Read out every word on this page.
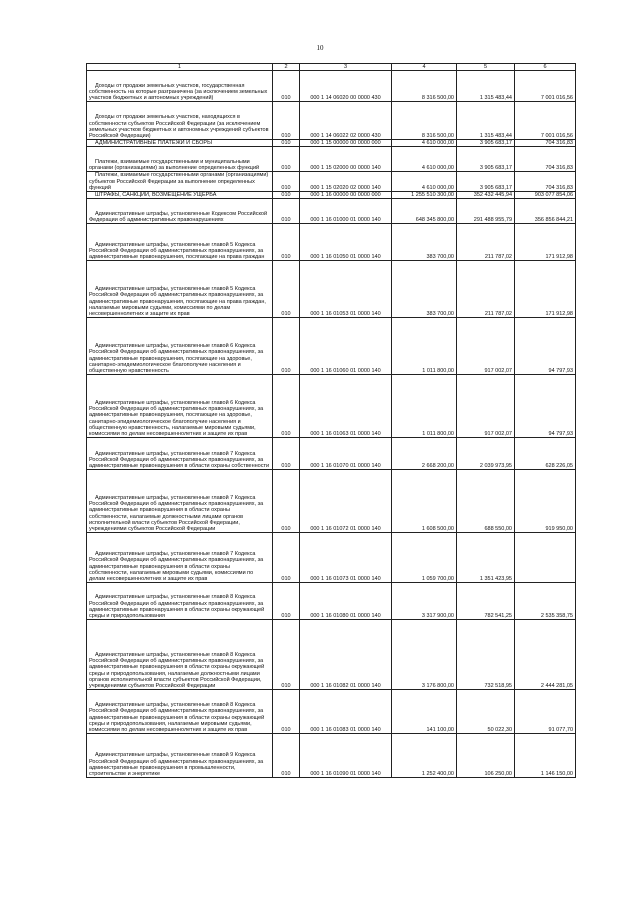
10
1	2	3	4	5	6
Доходы от продажи земельных участков, государственная собственность на которые разграничена (за исключением земельных участков бюджетных и автономных учреждений)	010	000 1 14 06020 00 0000 430	8 316 500,00	1 315 483,44	7 001 016,56
Доходы от продажи земельных участков, находящихся в собственности субъектов Российской Федерации (за исключением земельных участков бюджетных и автономных учреждений субъектов Российской Федерации)	010	000 1 14 06022 02 0000 430	8 316 500,00	1 315 483,44	7 001 016,56
АДМИНИСТРАТИВНЫЕ ПЛАТЕЖИ И СБОРЫ	010	000 1 15 00000 00 0000 000	4 610 000,00	3 905 683,17	704 316,83
Платежи, взимаемые государственными и муниципальными органами (организациями) за выполнение определенных функций	010	000 1 15 02000 00 0000 140	4 610 000,00	3 905 683,17	704 316,83
Платежи, взимаемые государственными органами (организациями) субъектов Российской Федерации за выполнение определенных функций	010	000 1 15 02020 02 0000 140	4 610 000,00	3 905 683,17	704 316,83
ШТРАФЫ, САНКЦИИ, ВОЗМЕЩЕНИЕ УЩЕРБА	010	000 1 16 00000 00 0000 000	1 255 510 300,00	352 432 445,94	903 077 854,06
Административные штрафы, установленные Кодексом Российской Федерации об административных правонарушениях	010	000 1 16 01000 01 0000 140	648 345 800,00	291 488 955,79	356 856 844,21
Административные штрафы, установленные главой 5 Кодекса Российской Федерации об административных правонарушениях, за административные правонарушения, посягающие на права граждан	010	000 1 16 01050 01 0000 140	383 700,00	211 787,02	171 912,98
Административные штрафы, установленные главой 5 Кодекса Российской Федерации об административных правонарушениях, за административные правонарушения, посягающие на права граждан, налагаемые мировыми судьями, комиссиями по делам несовершеннолетних и защите их прав	010	000 1 16 01053 01 0000 140	383 700,00	211 787,02	171 912,98
Административные штрафы, установленные главой 6 Кодекса Российской Федерации об административных правонарушениях, за административные правонарушения, посягающие на здоровье, санитарно-эпидемиологическое благополучие населения и общественную нравственность	010	000 1 16 01060 01 0000 140	1 011 800,00	917 002,07	94 797,93
Административные штрафы, установленные главой 6 Кодекса Российской Федерации об административных правонарушениях, за административные правонарушения, посягающие на здоровье, санитарно-эпидемиологическое благополучие населения и общественную нравственность, налагаемые мировыми судьями, комиссиями по делам несовершеннолетних и защите их прав	010	000 1 16 01063 01 0000 140	1 011 800,00	917 002,07	94 797,93
Административные штрафы, установленные главой 7 Кодекса Российской Федерации об административных правонарушениях, за административные правонарушения в области охраны собственности	010	000 1 16 01070 01 0000 140	2 668 200,00	2 039 973,95	628 226,05
Административные штрафы, установленные главой 7 Кодекса Российской Федерации об административных правонарушениях, за административные правонарушения в области охраны собственности, налагаемые должностными лицами органов исполнительной власти субъектов Российской Федерации, учреждениями субъектов Российской Федерации	010	000 1 16 01072 01 0000 140	1 608 500,00	688 550,00	919 950,00
Административные штрафы, установленные главой 7 Кодекса Российской Федерации об административных правонарушениях, за административные правонарушения в области охраны собственности, налагаемые мировыми судьями, комиссиями по делам несовершеннолетних и защите их прав	010	000 1 16 01073 01 0000 140	1 059 700,00	1 351 423,95	
Административные штрафы, установленные главой 8 Кодекса Российской Федерации об административных правонарушениях, за административные правонарушения в области охраны окружающей среды и природопользования	010	000 1 16 01080 01 0000 140	3 317 900,00	782 541,25	2 535 358,75
Административные штрафы, установленные главой 8 Кодекса Российской Федерации об административных правонарушениях, за административные правонарушения в области охраны окружающей среды и природопользования, налагаемые должностными лицами органов исполнительной власти субъектов Российской Федерации, учреждениями субъектов Российской Федерации	010	000 1 16 01082 01 0000 140	3 176 800,00	732 518,95	2 444 281,05
Административные штрафы, установленные главой 8 Кодекса Российской Федерации об административных правонарушениях, за административные правонарушения в области охраны окружающей среды и природопользования, налагаемые мировыми судьями, комиссиями по делам несовершеннолетних и защите их прав	010	000 1 16 01083 01 0000 140	141 100,00	50 022,30	91 077,70
Административные штрафы, установленные главой 9 Кодекса Российской Федерации об административных правонарушениях, за административные правонарушения в промышленности, строительстве и энергетике	010	000 1 16 01090 01 0000 140	1 252 400,00	106 250,00	1 146 150,00
